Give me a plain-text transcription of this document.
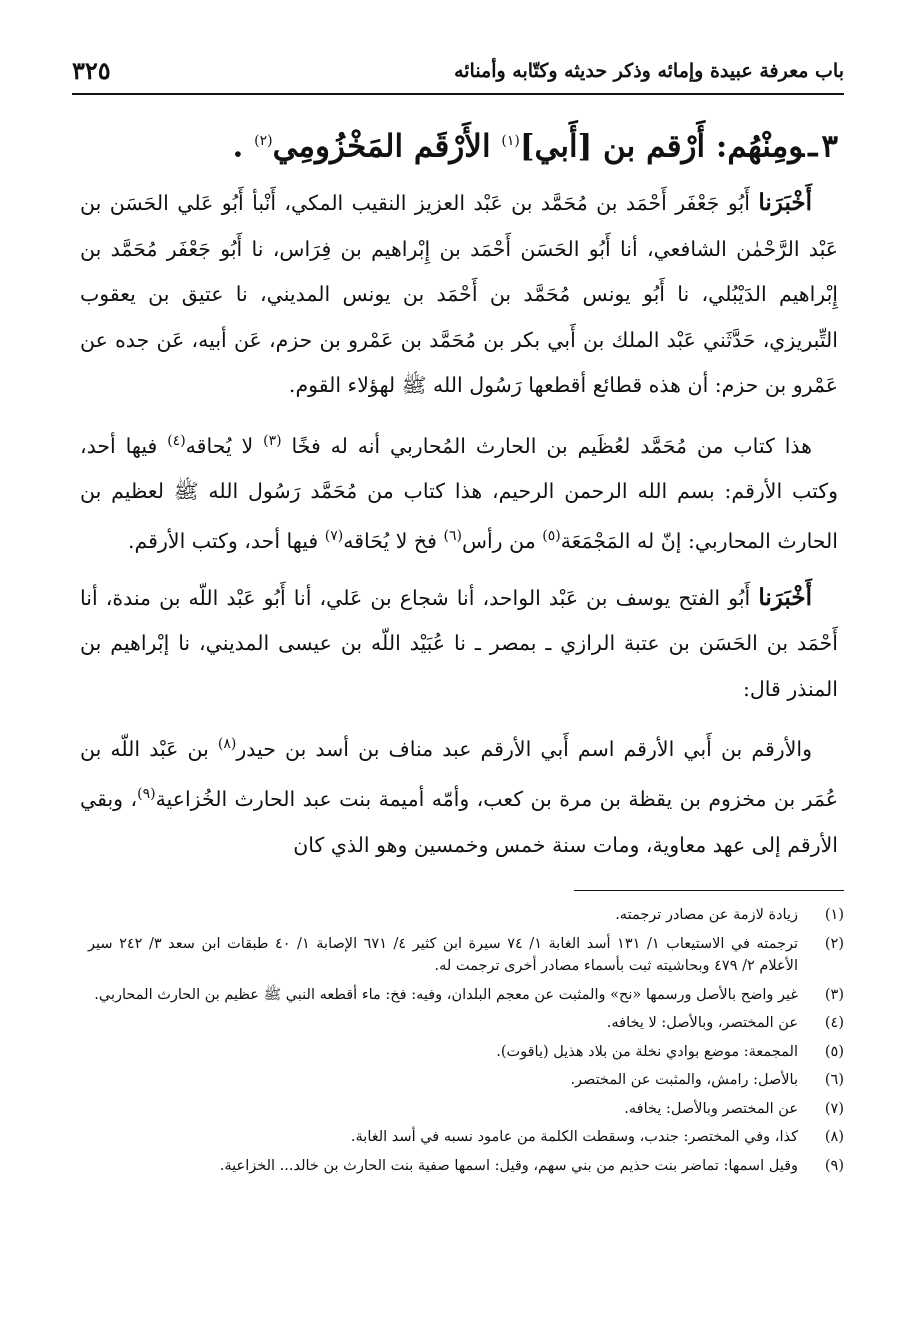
باب معرفة عبيدة وإمائه وذكر حديثه وكتّابه وأمنائه
٣٢٥
٣ـومِنْهُم: أَرْقم بن [أَبي]$^{(١)}$ الأَرْقَم المَخْزُومِي$^{(٢)}$ .

أَخْبَرَنا أَبُو جَعْفَر أَحْمَد بن مُحَمَّد بن عَبْد العزيز النقيب المكي، أَنْبأ أَبُو عَلي الحَسَن بن عَبْد الرَّحْمٰن الشافعي، أنا أَبُو الحَسَن أَحْمَد بن إِبْراهيم بن فِرَاس، نا أَبُو جَعْفَر مُحَمَّد بن إِبْراهيم الدَيْبُلي، نا أَبُو يونس مُحَمَّد بن أَحْمَد بن يونس المديني، نا عتيق بن يعقوب التِّبريزي، حَدَّثَني عَبْد الملك بن أَبي بكر بن مُحَمَّد بن عَمْرو بن حزم، عَن أبيه، عَن جده عن عَمْرو بن حزم: أن هذه قطائع أقطعها رَسُول الله ﷺ لهؤلاء القوم.

هذا كتاب من مُحَمَّد لعُظَيم بن الحارث المُحاربي أنه له فخًا $^{(٣)}$ لا يُحاقه$^{(٤)}$ فيها أحد، وكتب الأرقم: بسم الله الرحمن الرحيم، هذا كتاب من مُحَمَّد رَسُول الله ﷺ لعظيم بن الحارث المحاربي: إنّ له المَجْمَعَة$^{(٥)}$ من رأس$^{(٦)}$ فخ لا يُحَاقه$^{(٧)}$ فيها أحد، وكتب الأرقم.

أَخْبَرَنا أَبُو الفتح يوسف بن عَبْد الواحد، أنا شجاع بن عَلي، أنا أَبُو عَبْد اللّه بن مندة، أنا أَحْمَد بن الحَسَن بن عتبة الرازي ـ بمصر ـ نا عُبَيْد اللّه بن عيسى المديني، نا إبْراهيم بن المنذر قال:

والأرقم بن أَبي الأرقم اسم أَبي الأرقم عبد مناف بن أسد بن حيدر$^{(٨)}$ بن عَبْد اللّه بن عُمَر بن مخزوم بن يقظة بن مرة بن كعب، وأمّه أميمة بنت عبد الحارث الخُزاعية$^{(٩)}$، وبقي الأرقم إلى عهد معاوية، ومات سنة خمس وخمسين وهو الذي كان

(١)
زيادة لازمة عن مصادر ترجمته.
(٢)
ترجمته في الاستيعاب ١/ ١٣١ أسد الغابة ١/ ٧٤ سيرة ابن كثير ٤/ ٦٧١ الإصابة ١/ ٤٠ طبقات ابن سعد ٣/ ٢٤٢ سير الأعلام ٢/ ٤٧٩ وبحاشيته ثبت بأسماء مصادر أخرى ترجمت له.
(٣)
غير واضح بالأصل ورسمها «نح» والمثبت عن معجم البلدان، وفيه: فخ: ماء أقطعه النبي ﷺ عظيم بن الحارث المحاربي.
(٤)
عن المختصر، وبالأصل: لا يخافه.
(٥)
المجمعة: موضع بوادي نخلة من بلاد هذيل (ياقوت).
(٦)
بالأصل: رامش، والمثبت عن المختصر.
(٧)
عن المختصر وبالأصل: يخافه.
(٨)
كذا، وفي المختصر: جندب، وسقطت الكلمة من عامود نسبه في أسد الغابة.
(٩)
وقيل اسمها: تماضر بنت حذيم من بني سهم، وقيل: اسمها صفية بنت الحارث بن خالد... الخزاعية.
